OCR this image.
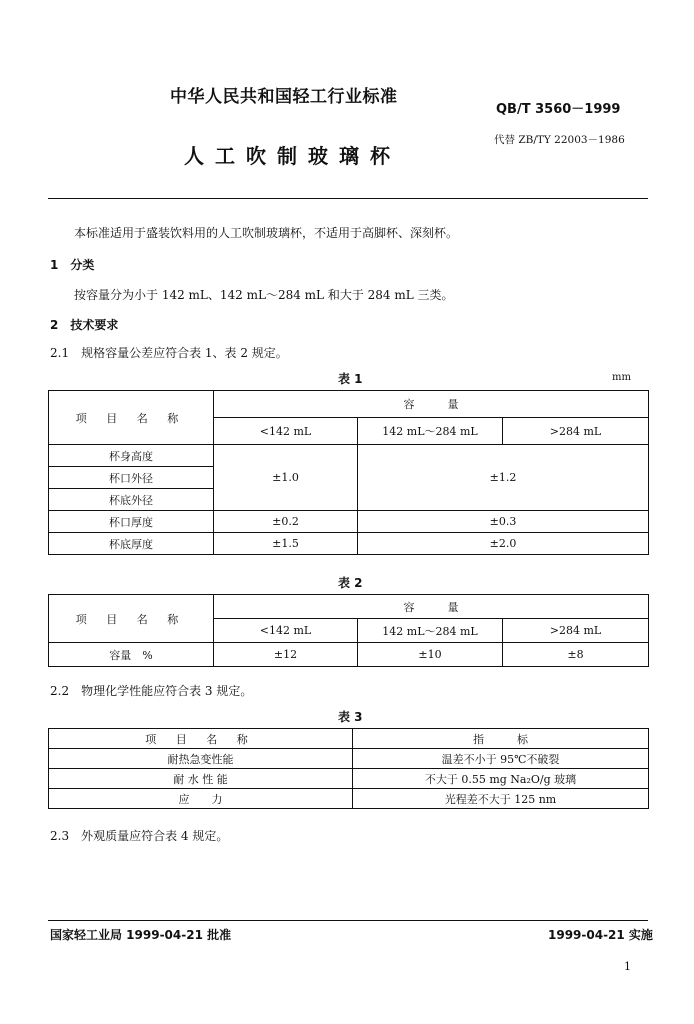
中华人民共和国轻工行业标准

QB/T 3560－1999

代替 ZB/TY 22003－1986

人工吹制玻璃杯

本标准适用于盛装饮料用的人工吹制玻璃杯，不适用于高脚杯、深刻杯。

1　分类

按容量分为小于 142 mL、142 mL～284 mL 和大于 284 mL 三类。

2　技术要求

2.1　规格容量公差应符合表 1、表 2 规定。

表 1	mm

项 目 名 称	容　　　量		
	<142 mL	142 mL～284 mL	>284 mL
杯身高度	±1.0	±1.2	
杯口外径			
杯底外径			
杯口厚度	±0.2	±0.3	
杯底厚度	±1.5	±2.0	

表 2

项 目 名 称	容　　　量		
	<142 mL	142 mL～284 mL	>284 mL
容量　%	±12	±10	±8

2.2　物理化学性能应符合表 3 规定。

表 3

项 目 名 称	指　　　标
耐热急变性能	温差不小于 95℃不破裂
耐 水 性 能	不大于 0.55 mg Na₂O/g 玻璃
应　　力	光程差不大于 125 nm

2.3　外观质量应符合表 4 规定。

国家轻工业局 1999-04-21 批准	1999-04-21 实施

1
